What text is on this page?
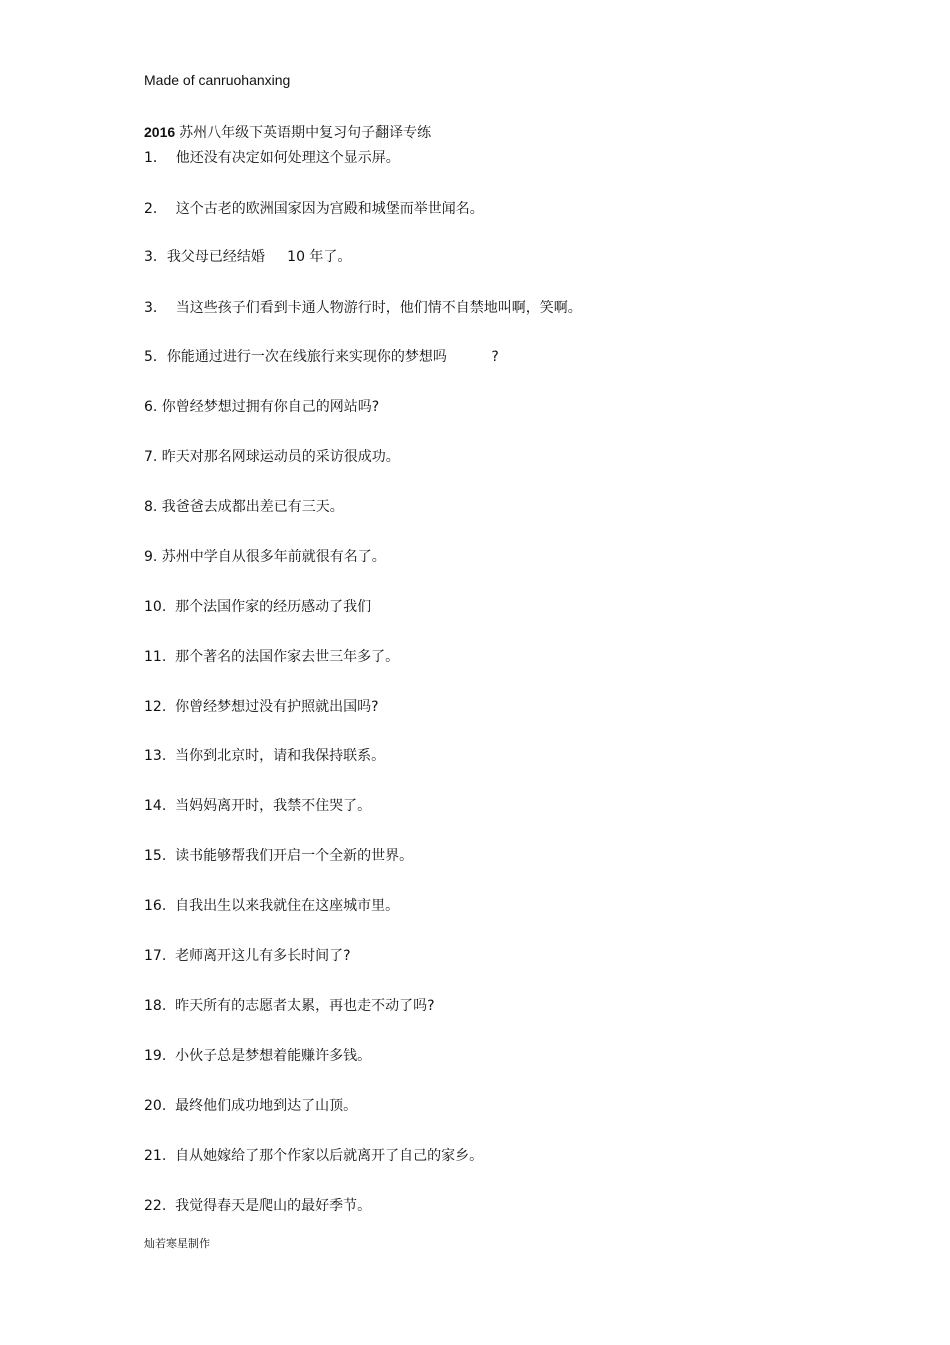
Made of canruohanxing
2016 苏州八年级下英语期中复习句子翻译专练
1．  他还没有决定如何处理这个显示屏。
2．  这个古老的欧洲国家因为宫殿和城堡而举世闻名。
3．我父母已经结婚     10 年了。
3．  当这些孩子们看到卡通人物游行时，他们情不自禁地叫啊，笑啊。
5．你能通过进行一次在线旅行来实现你的梦想吗          ?
6. 你曾经梦想过拥有你自己的网站吗?
7. 昨天对那名网球运动员的采访很成功。
8. 我爸爸去成都出差已有三天。
9. 苏州中学自从很多年前就很有名了。
10.  那个法国作家的经历感动了我们
11.  那个著名的法国作家去世三年多了。
12.  你曾经梦想过没有护照就出国吗?
13.  当你到北京时，请和我保持联系。
14.  当妈妈离开时，我禁不住哭了。
15.  读书能够帮我们开启一个全新的世界。
16.  自我出生以来我就住在这座城市里。
17.  老师离开这儿有多长时间了?
18.  昨天所有的志愿者太累，再也走不动了吗?
19.  小伙子总是梦想着能赚许多钱。
20.  最终他们成功地到达了山顶。
21.  自从她嫁给了那个作家以后就离开了自己的家乡。
22.  我觉得春天是爬山的最好季节。
灿若寒星制作
